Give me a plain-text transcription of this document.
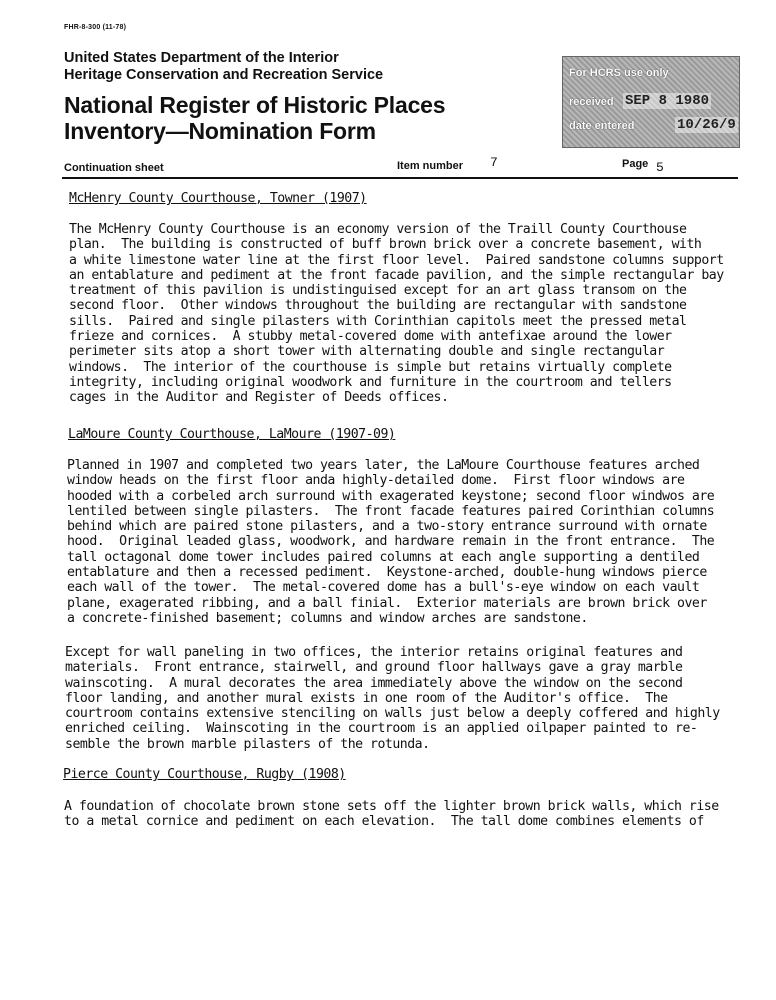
FHR-8-300 (11-78)
United States Department of the Interior
Heritage Conservation and Recreation Service
National Register of Historic Places
Inventory—Nomination Form
For HCRS use only
received SEP 8 1980
date entered	10/26/9
Continuation sheet	Item number 7	Page 5
McHenry County Courthouse, Towner (1907)

The McHenry County Courthouse is an economy version of the Traill County Courthouse
plan.  The building is constructed of buff brown brick over a concrete basement, with
a white limestone water line at the first floor level.  Paired sandstone columns support
an entablature and pediment at the front facade pavilion, and the simple rectangular bay
treatment of this pavilion is undistinguised except for an art glass transom on the
second floor.  Other windows throughout the building are rectangular with sandstone
sills.  Paired and single pilasters with Corinthian capitols meet the pressed metal
frieze and cornices.  A stubby metal-covered dome with antefixae around the lower
perimeter sits atop a short tower with alternating double and single rectangular
windows.  The interior of the courthouse is simple but retains virtually complete
integrity, including original woodwork and furniture in the courtroom and tellers
cages in the Auditor and Register of Deeds offices.

LaMoure County Courthouse, LaMoure (1907-09)

Planned in 1907 and completed two years later, the LaMoure Courthouse features arched
window heads on the first floor anda highly-detailed dome.  First floor windows are
hooded with a corbeled arch surround with exagerated keystone; second floor windwos are
lentiled between single pilasters.  The front facade features paired Corinthian columns
behind which are paired stone pilasters, and a two-story entrance surround with ornate
hood.  Original leaded glass, woodwork, and hardware remain in the front entrance.  The
tall octagonal dome tower includes paired columns at each angle supporting a dentiled
entablature and then a recessed pediment.  Keystone-arched, double-hung windows pierce
each wall of the tower.  The metal-covered dome has a bull's-eye window on each vault
plane, exagerated ribbing, and a ball finial.  Exterior materials are brown brick over
a concrete-finished basement; columns and window arches are sandstone.

Except for wall paneling in two offices, the interior retains original features and
materials.  Front entrance, stairwell, and ground floor hallways gave a gray marble
wainscoting.  A mural decorates the area immediately above the window on the second
floor landing, and another mural exists in one room of the Auditor's office.  The
courtroom contains extensive stenciling on walls just below a deeply coffered and highly
enriched ceiling.  Wainscoting in the courtroom is an applied oilpaper painted to re-
semble the brown marble pilasters of the rotunda.

Pierce County Courthouse, Rugby (1908)

A foundation of chocolate brown stone sets off the lighter brown brick walls, which rise
to a metal cornice and pediment on each elevation.  The tall dome combines elements of
